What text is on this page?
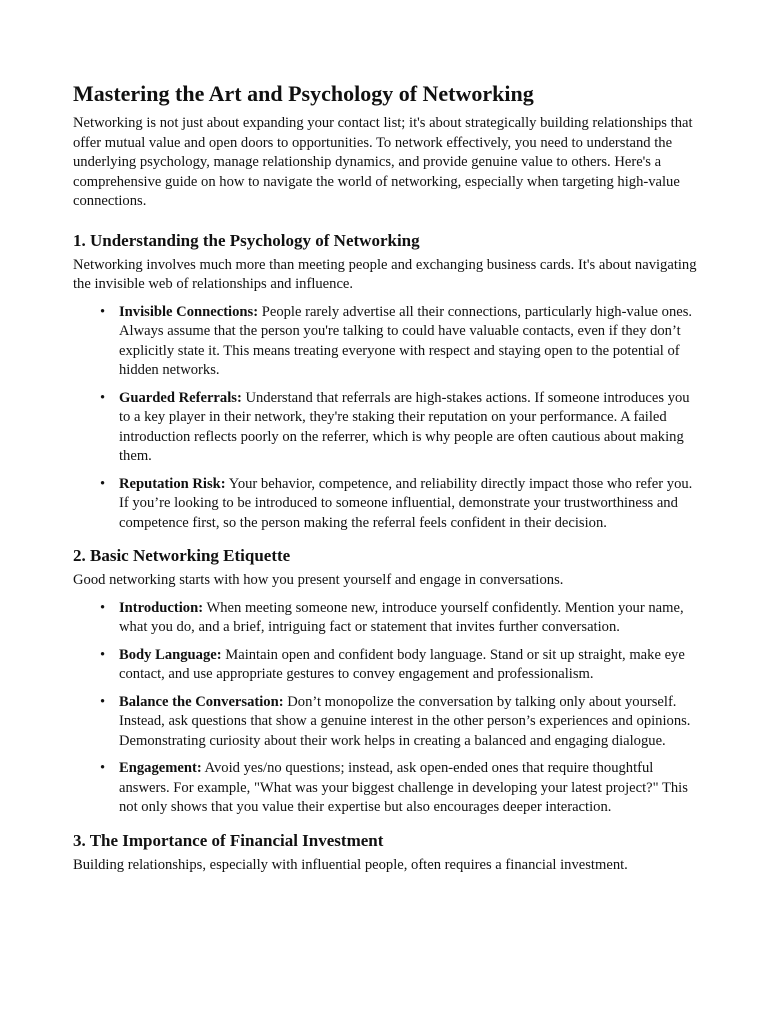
Mastering the Art and Psychology of Networking

Networking is not just about expanding your contact list; it's about strategically building relationships that offer mutual value and open doors to opportunities. To network effectively, you need to understand the underlying psychology, manage relationship dynamics, and provide genuine value to others. Here's a comprehensive guide on how to navigate the world of networking, especially when targeting high-value connections.

1. Understanding the Psychology of Networking

Networking involves much more than meeting people and exchanging business cards. It's about navigating the invisible web of relationships and influence.

• Invisible Connections: People rarely advertise all their connections, particularly high-value ones. Always assume that the person you're talking to could have valuable contacts, even if they don’t explicitly state it. This means treating everyone with respect and staying open to the potential of hidden networks.
• Guarded Referrals: Understand that referrals are high-stakes actions. If someone introduces you to a key player in their network, they're staking their reputation on your performance. A failed introduction reflects poorly on the referrer, which is why people are often cautious about making them.
• Reputation Risk: Your behavior, competence, and reliability directly impact those who refer you. If you’re looking to be introduced to someone influential, demonstrate your trustworthiness and competence first, so the person making the referral feels confident in their decision.
2. Basic Networking Etiquette

Good networking starts with how you present yourself and engage in conversations.

• Introduction: When meeting someone new, introduce yourself confidently. Mention your name, what you do, and a brief, intriguing fact or statement that invites further conversation.
• Body Language: Maintain open and confident body language. Stand or sit up straight, make eye contact, and use appropriate gestures to convey engagement and professionalism.
• Balance the Conversation: Don’t monopolize the conversation by talking only about yourself. Instead, ask questions that show a genuine interest in the other person’s experiences and opinions. Demonstrating curiosity about their work helps in creating a balanced and engaging dialogue.
• Engagement: Avoid yes/no questions; instead, ask open-ended ones that require thoughtful answers. For example, "What was your biggest challenge in developing your latest project?" This not only shows that you value their expertise but also encourages deeper interaction.
3. The Importance of Financial Investment

Building relationships, especially with influential people, often requires a financial investment.
